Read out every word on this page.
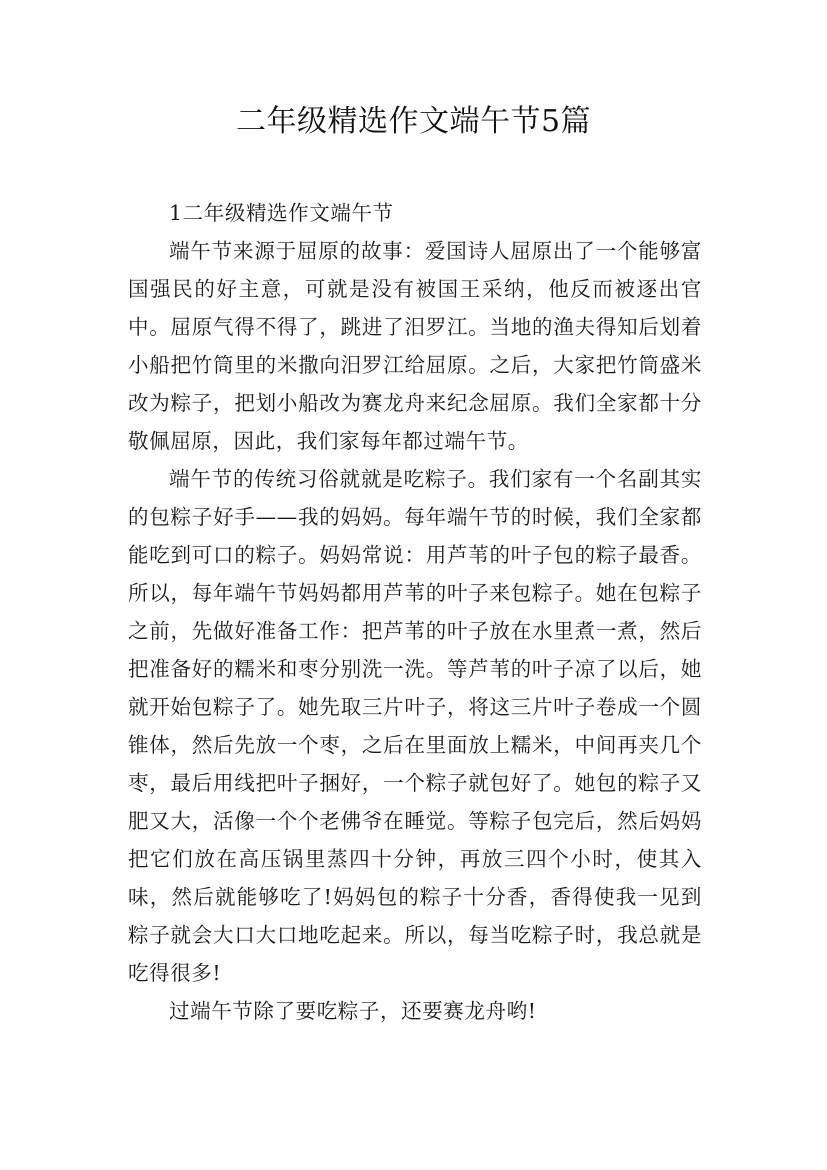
二年级精选作文端午节5篇

1二年级精选作文端午节

端午节来源于屈原的故事：爱国诗人屈原出了一个能够富国强民的好主意，可就是没有被国王采纳，他反而被逐出官中。屈原气得不得了，跳进了汨罗江。当地的渔夫得知后划着小船把竹筒里的米撒向汨罗江给屈原。之后，大家把竹筒盛米改为粽子，把划小船改为赛龙舟来纪念屈原。我们全家都十分敬佩屈原，因此，我们家每年都过端午节。

端午节的传统习俗就就是吃粽子。我们家有一个名副其实的包粽子好手——我的妈妈。每年端午节的时候，我们全家都能吃到可口的粽子。妈妈常说：用芦苇的叶子包的粽子最香。所以，每年端午节妈妈都用芦苇的叶子来包粽子。她在包粽子之前，先做好准备工作：把芦苇的叶子放在水里煮一煮，然后把准备好的糯米和枣分别洗一洗。等芦苇的叶子凉了以后，她就开始包粽子了。她先取三片叶子，将这三片叶子卷成一个圆锥体，然后先放一个枣，之后在里面放上糯米，中间再夹几个枣，最后用线把叶子捆好，一个粽子就包好了。她包的粽子又肥又大，活像一个个老佛爷在睡觉。等粽子包完后，然后妈妈把它们放在高压锅里蒸四十分钟，再放三四个小时，使其入味，然后就能够吃了!妈妈包的粽子十分香，香得使我一见到粽子就会大口大口地吃起来。所以，每当吃粽子时，我总就是吃得很多!

过端午节除了要吃粽子，还要赛龙舟哟!
